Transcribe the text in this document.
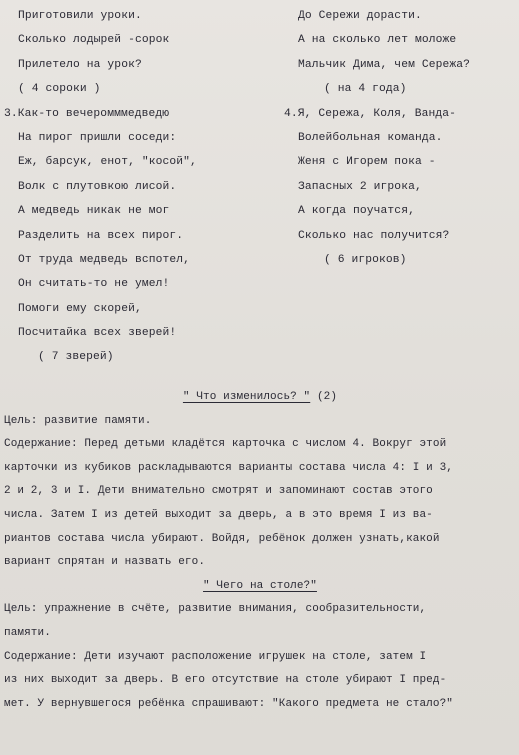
Приготовили уроки.
Сколько лодырей -сорок
Прилетело на урок?
( 4 сороки )
3.Как-то вечеромммедведю
На пирог пришли соседи:
Еж, барсук, енот, "косой",
Волк с плутовкою лисой.
А медведь никак не мог
Разделить на всех пирог.
От труда медведь вспотел,
Он считать-то не умел!
Помоги ему скорей,
Посчитайка всех зверей!
( 7 зверей)
До Сережи дорасти.
А на сколько лет моложе
Мальчик Дима, чем Сережа?
( на 4 года)
4.Я, Сережа, Коля, Ванда-
Волейбольная команда.
Женя с Игорем пока -
Запасных 2 игрока,
А когда поучатся,
Сколько нас получится?
( 6 игроков)
" Что изменилось? " (2)
Цель: развитие памяти.
Содержание: Перед детьми кладётся карточка с числом 4. Вокруг этой
карточки из кубиков раскладываются варианты состава числа 4: I и 3,
2 и 2, 3 и I. Дети внимательно смотрят и запоминают состав этого
числа. Затем I из детей выходит за дверь, а в это время I из ва-
риантов состава числа убирают. Войдя, ребёнок должен узнать,какой
вариант спрятан и назвать его.
" Чего на столе?"
Цель: упражнение в счёте, развитие внимания, сообразительности,
памяти.
Содержание: Дети изучают расположение игрушек на столе, затем I
из них выходит за дверь. В его отсутствие на столе убирают I пред-
мет. У вернувшегося ребёнка спрашивают: "Какого предмета не стало?"
